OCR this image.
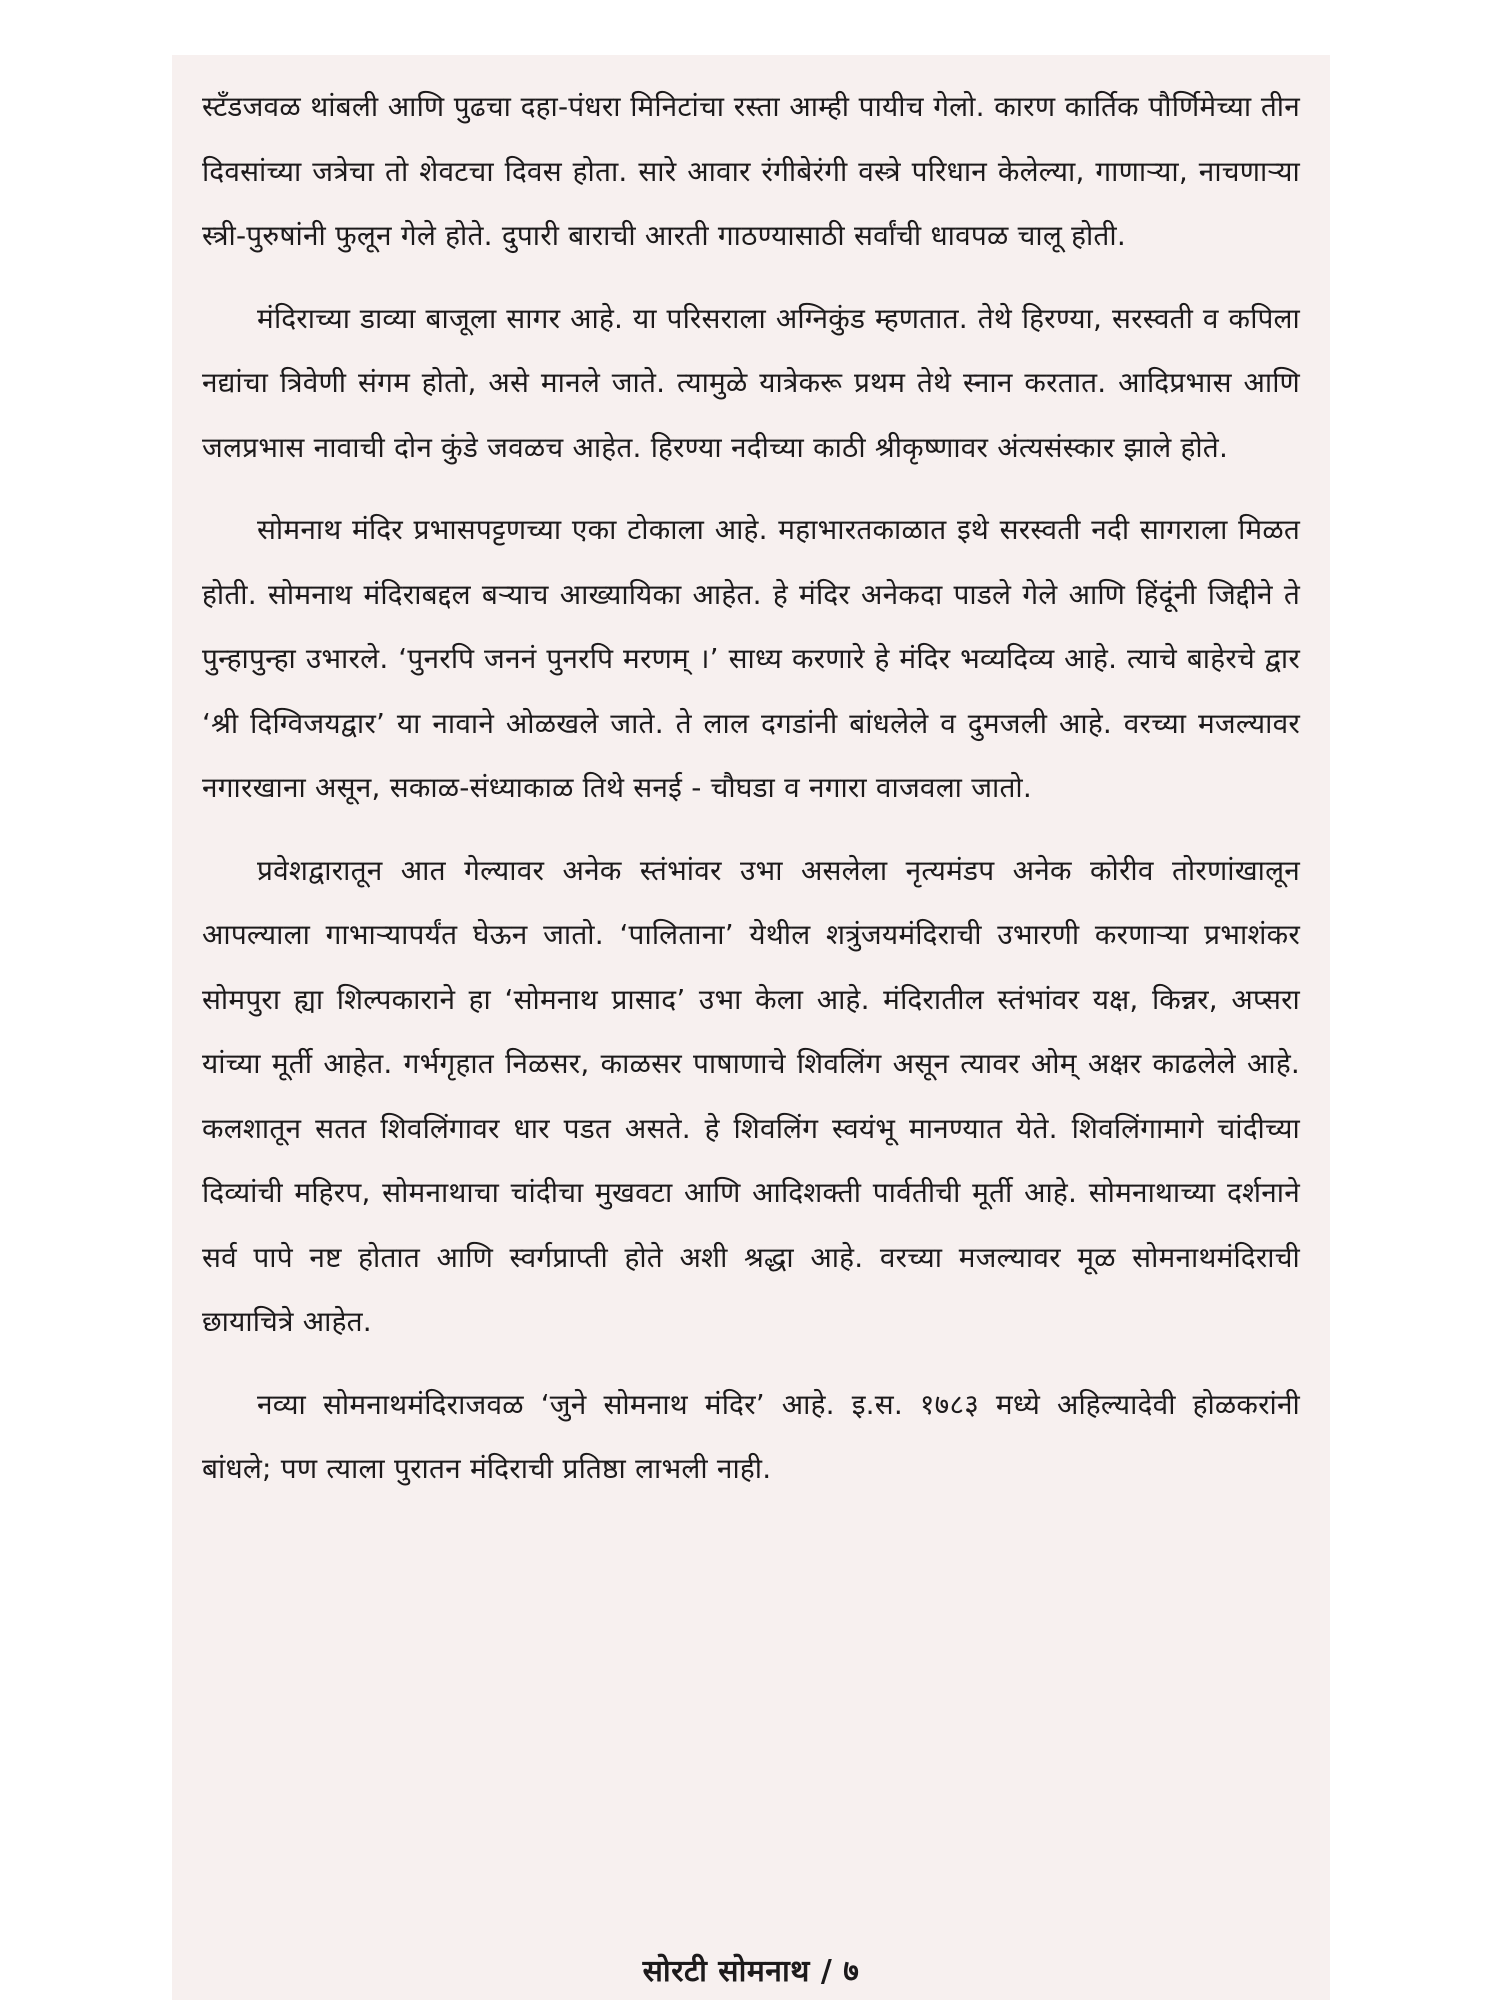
स्टँडजवळ थांबली आणि पुढचा दहा-पंधरा मिनिटांचा रस्ता आम्ही पायीच गेलो. कारण कार्तिक पौर्णिमेच्या तीन दिवसांच्या जत्रेचा तो शेवटचा दिवस होता. सारे आवार रंगीबेरंगी वस्त्रे परिधान केलेल्या, गाणाऱ्या, नाचणाऱ्या स्त्री-पुरुषांनी फुलून गेले होते. दुपारी बाराची आरती गाठण्यासाठी सर्वांची धावपळ चालू होती.

मंदिराच्या डाव्या बाजूला सागर आहे. या परिसराला अग्निकुंड म्हणतात. तेथे हिरण्या, सरस्वती व कपिला नद्यांचा त्रिवेणी संगम होतो, असे मानले जाते. त्यामुळे यात्रेकरू प्रथम तेथे स्नान करतात. आदिप्रभास आणि जलप्रभास नावाची दोन कुंडे जवळच आहेत. हिरण्या नदीच्या काठी श्रीकृष्णावर अंत्यसंस्कार झाले होते.

सोमनाथ मंदिर प्रभासपट्टणच्या एका टोकाला आहे. महाभारतकाळात इथे सरस्वती नदी सागराला मिळत होती. सोमनाथ मंदिराबद्दल बऱ्याच आख्यायिका आहेत. हे मंदिर अनेकदा पाडले गेले आणि हिंदूंनी जिद्दीने ते पुन्हापुन्हा उभारले. ‘पुनरपि जननं पुनरपि मरणम् ।’ साध्य करणारे हे मंदिर भव्यदिव्य आहे. त्याचे बाहेरचे द्वार ‘श्री दिग्विजयद्वार’ या नावाने ओळखले जाते. ते लाल दगडांनी बांधलेले व दुमजली आहे. वरच्या मजल्यावर नगारखाना असून, सकाळ-संध्याकाळ तिथे सनई - चौघडा व नगारा वाजवला जातो.

प्रवेशद्वारातून आत गेल्यावर अनेक स्तंभांवर उभा असलेला नृत्यमंडप अनेक कोरीव तोरणांखालून आपल्याला गाभाऱ्यापर्यंत घेऊन जातो. ‘पालिताना’ येथील शत्रुंजयमंदिराची उभारणी करणाऱ्या प्रभाशंकर सोमपुरा ह्या शिल्पकाराने हा ‘सोमनाथ प्रासाद’ उभा केला आहे. मंदिरातील स्तंभांवर यक्ष, किन्नर, अप्सरा यांच्या मूर्ती आहेत. गर्भगृहात निळसर, काळसर पाषाणाचे शिवलिंग असून त्यावर ओम् अक्षर काढलेले आहे. कलशातून सतत शिवलिंगावर धार पडत असते. हे शिवलिंग स्वयंभू मानण्यात येते. शिवलिंगामागे चांदीच्या दिव्यांची महिरप, सोमनाथाचा चांदीचा मुखवटा आणि आदिशक्ती पार्वतीची मूर्ती आहे. सोमनाथाच्या दर्शनाने सर्व पापे नष्ट होतात आणि स्वर्गप्राप्ती होते अशी श्रद्धा आहे. वरच्या मजल्यावर मूळ सोमनाथमंदिराची छायाचित्रे आहेत.

नव्या सोमनाथमंदिराजवळ ‘जुने सोमनाथ मंदिर’ आहे. इ.स. १७८३ मध्ये अहिल्यादेवी होळकरांनी बांधले; पण त्याला पुरातन मंदिराची प्रतिष्ठा लाभली नाही.

सोरटी सोमनाथ / ७
